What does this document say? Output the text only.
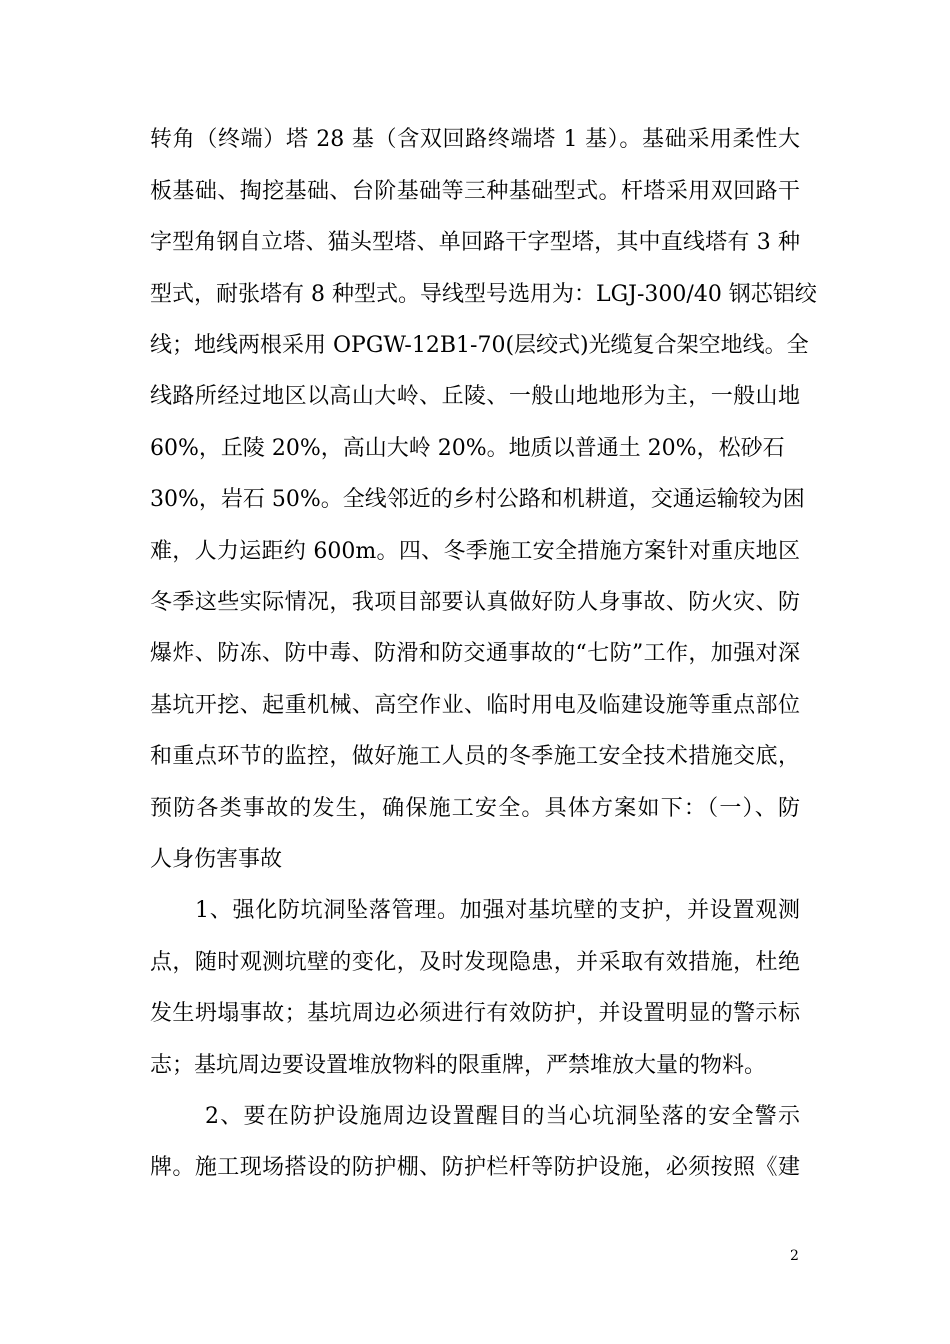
转角（终端）塔 28 基（含双回路终端塔 1 基）。基础采用柔性大
板基础、掏挖基础、台阶基础等三种基础型式。杆塔采用双回路干
字型角钢自立塔、猫头型塔、单回路干字型塔，其中直线塔有 3 种
型式，耐张塔有 8 种型式。导线型号选用为：LGJ-300/40 钢芯铝绞
线；地线两根采用 OPGW-12B1-70(层绞式)光缆复合架空地线。全
线路所经过地区以高山大岭、丘陵、一般山地地形为主，一般山地
60%，丘陵 20%，高山大岭 20%。地质以普通土 20%，松砂石
30%，岩石 50%。全线邻近的乡村公路和机耕道，交通运输较为困
难，人力运距约 600m。四、冬季施工安全措施方案针对重庆地区
冬季这些实际情况，我项目部要认真做好防人身事故、防火灾、防
爆炸、防冻、防中毒、防滑和防交通事故的“七防”工作，加强对深
基坑开挖、起重机械、高空作业、临时用电及临建设施等重点部位
和重点环节的监控，做好施工人员的冬季施工安全技术措施交底，
预防各类事故的发生，确保施工安全。具体方案如下：（一）、防
人身伤害事故
1、强化防坑洞坠落管理。加强对基坑壁的支护，并设置观测
点，随时观测坑壁的变化，及时发现隐患，并采取有效措施，杜绝
发生坍塌事故；基坑周边必须进行有效防护，并设置明显的警示标
志；基坑周边要设置堆放物料的限重牌，严禁堆放大量的物料。
2、要在防护设施周边设置醒目的当心坑洞坠落的安全警示
牌。施工现场搭设的防护棚、防护栏杆等防护设施，必须按照《建
2
